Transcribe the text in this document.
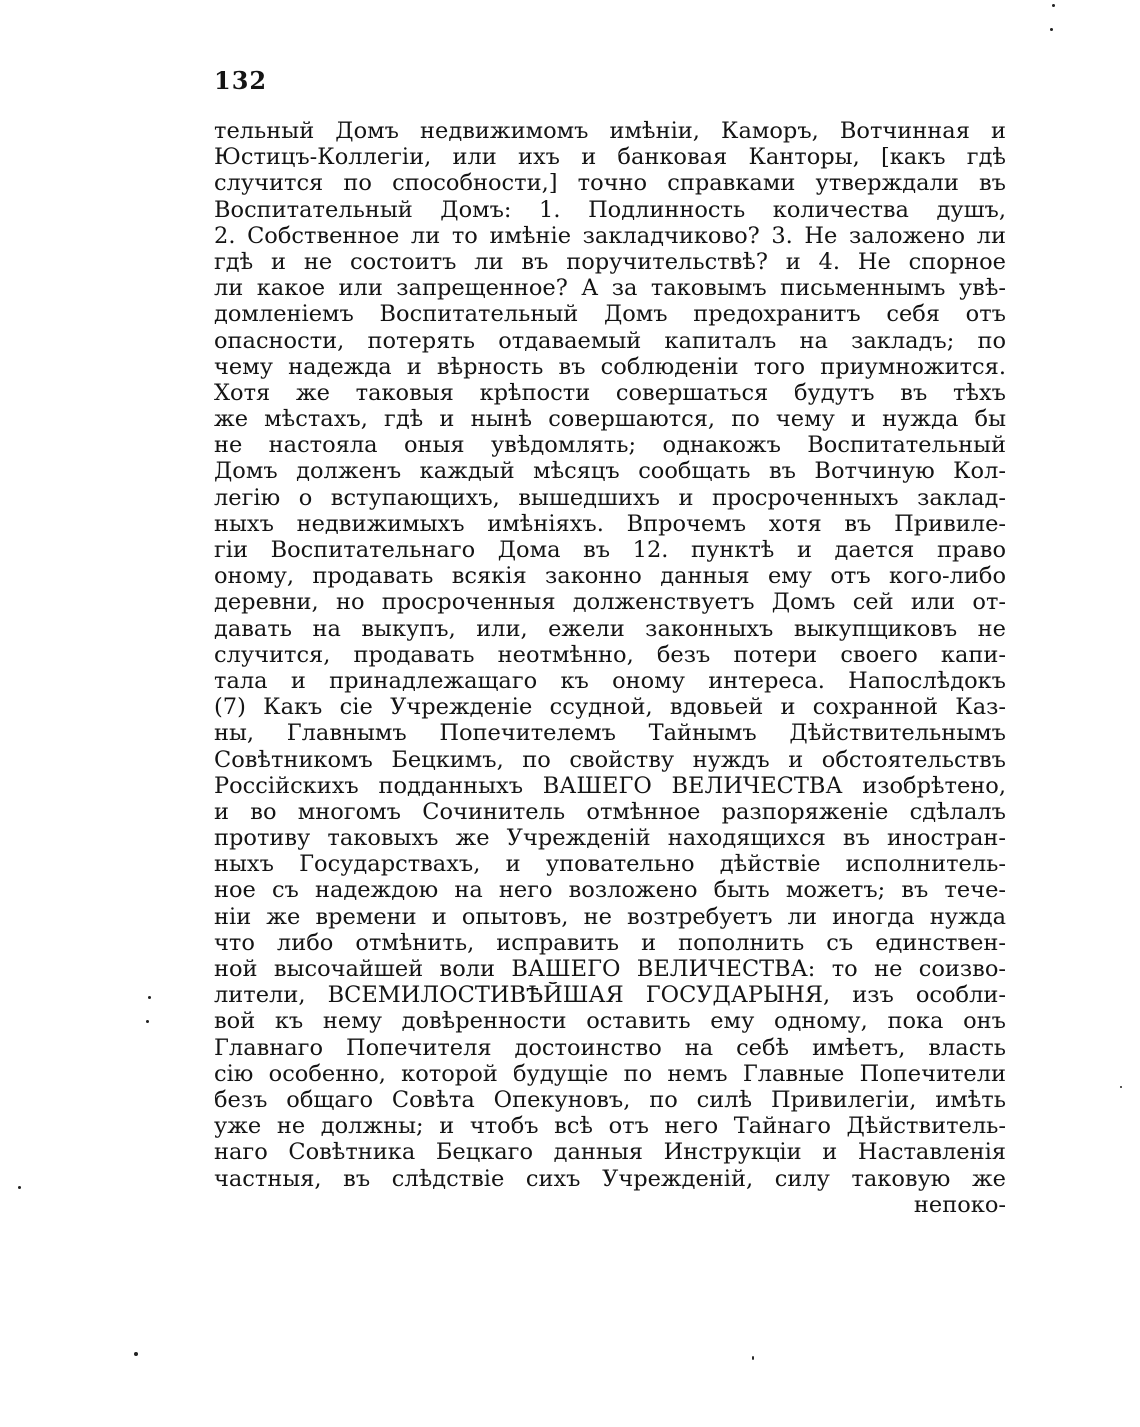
132
тельный Домъ недвижимомъ имѣніи, Каморъ, Вотчинная и
Юстицъ-Коллегіи, или ихъ и банковая Канторы, [какъ гдѣ
случится по способности,] точно справками утверждали въ
Воспитательный Домъ: 1. Подлинность количества душъ,
2. Собственное ли то имѣніе закладчиково? 3. Не заложено ли
гдѣ и не состоитъ ли въ поручительствѣ? и 4. Не спорное
ли какое или запрещенное? А за таковымъ письменнымъ увѣ-
домленіемъ Воспитательный Домъ предохранитъ себя отъ
опасности, потерять отдаваемый капиталъ на закладъ; по
чему надежда и вѣрность въ соблюденіи того приумножится.
Хотя же таковыя крѣпости совершаться будутъ въ тѣхъ
же мѣстахъ, гдѣ и нынѣ совершаются, по чему и нужда бы
не настояла оныя увѣдомлять; однакожъ Воспитательный
Домъ долженъ каждый мѣсяцъ сообщать въ Вотчиную Кол-
легію о вступающихъ, вышедшихъ и просроченныхъ заклад-
ныхъ недвижимыхъ имѣніяхъ. Впрочемъ хотя въ Привиле-
гіи Воспитательнаго Дома въ 12. пунктѣ и дается право
оному, продавать всякія законно данныя ему отъ кого-либо
деревни, но просроченныя долженствуетъ Домъ сей или от-
давать на выкупъ, или, ежели законныхъ выкупщиковъ не
случится, продавать неотмѣнно, безъ потери своего капи-
тала и принадлежащаго къ оному интереса. Напослѣдокъ
(7) Какъ сіе Учрежденіе ссудной, вдовьей и сохранной Каз-
ны, Главнымъ Попечителемъ Тайнымъ Дѣйствительнымъ
Совѣтникомъ Бецкимъ, по свойству нуждъ и обстоятельствъ
Россійскихъ подданныхъ ВАШЕГО ВЕЛИЧЕСТВА изобрѣтено,
и во многомъ Сочинитель отмѣнное разпоряженіе сдѣлалъ
противу таковыхъ же Учрежденій находящихся въ иностран-
ныхъ Государствахъ, и уповательно дѣйствіе исполнитель-
ное съ надеждою на него возложено быть можетъ; въ тече-
ніи же времени и опытовъ, не возтребуетъ ли иногда нужда
что либо отмѣнить, исправить и пополнить съ единствен-
ной высочайшей воли ВАШЕГО ВЕЛИЧЕСТВА: то не соизво-
лители, ВСЕМИЛОСТИВѢЙШАЯ ГОСУДАРЫНЯ, изъ особли-
вой къ нему довѣренности оставить ему одному, пока онъ
Главнаго Попечителя достоинство на себѣ имѣетъ, власть
сію особенно, которой будущіе по немъ Главные Попечители
безъ общаго Совѣта Опекуновъ, по силѣ Привилегіи, имѣть
уже не должны; и чтобъ всѣ отъ него Тайнаго Дѣйствитель-
наго Совѣтника Бецкаго данныя Инструкціи и Наставленія
частныя, въ слѣдствіе сихъ Учрежденій, силу таковую же
непоко-
